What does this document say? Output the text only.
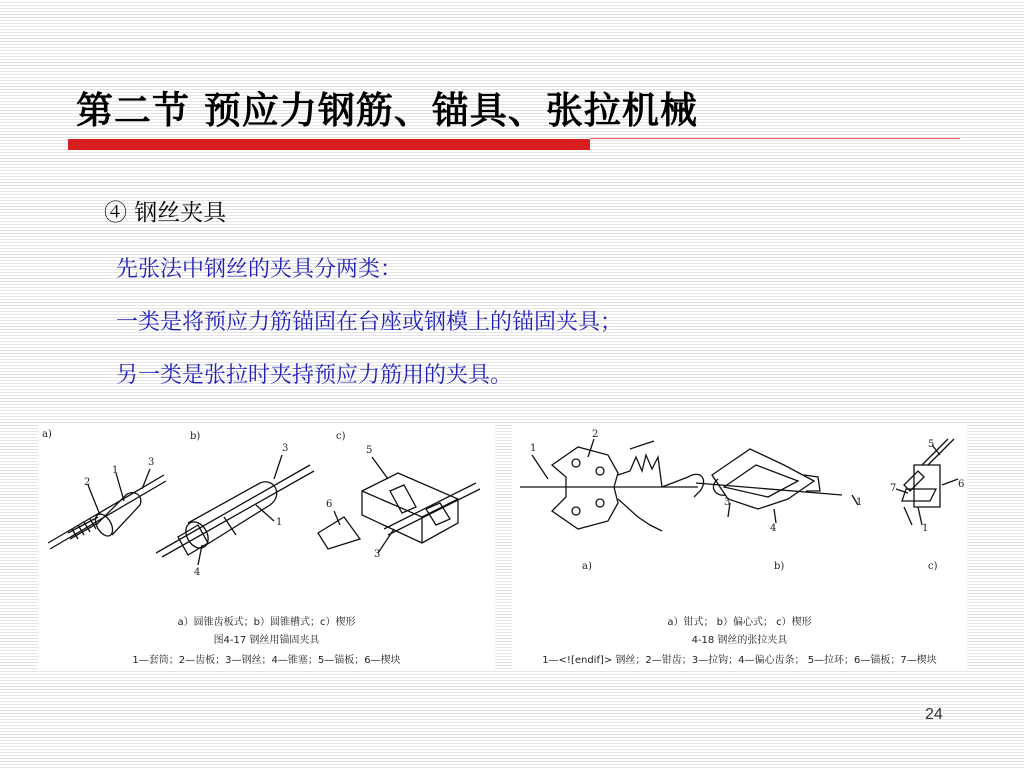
第二节 预应力钢筋、锚具、张拉机械
④ 钢丝夹具
先张法中钢丝的夹具分两类：
一类是将预应力筋锚固在台座或钢模上的锚固夹具；
另一类是张拉时夹持预应力筋用的夹具。
a)	b)	c)
1
2
3
3
1
4
5
6
3
a）圆锥齿板式；b）圆锥槽式；c）楔形
图4-17 钢丝用锚固夹具
1—套筒；2—齿板；3—钢丝；4—锥塞；5—锚板；6—楔块
1
2
3
4
1
5
6
7
1
a)	b)	c)
a）钳式； b）偏心式； c）楔形
4-18 钢丝的张拉夹具
1—<![endif]> 钢丝；2—钳齿；3—拉钩；4—偏心齿条； 5—拉环；6—锚板；7—楔块
24
